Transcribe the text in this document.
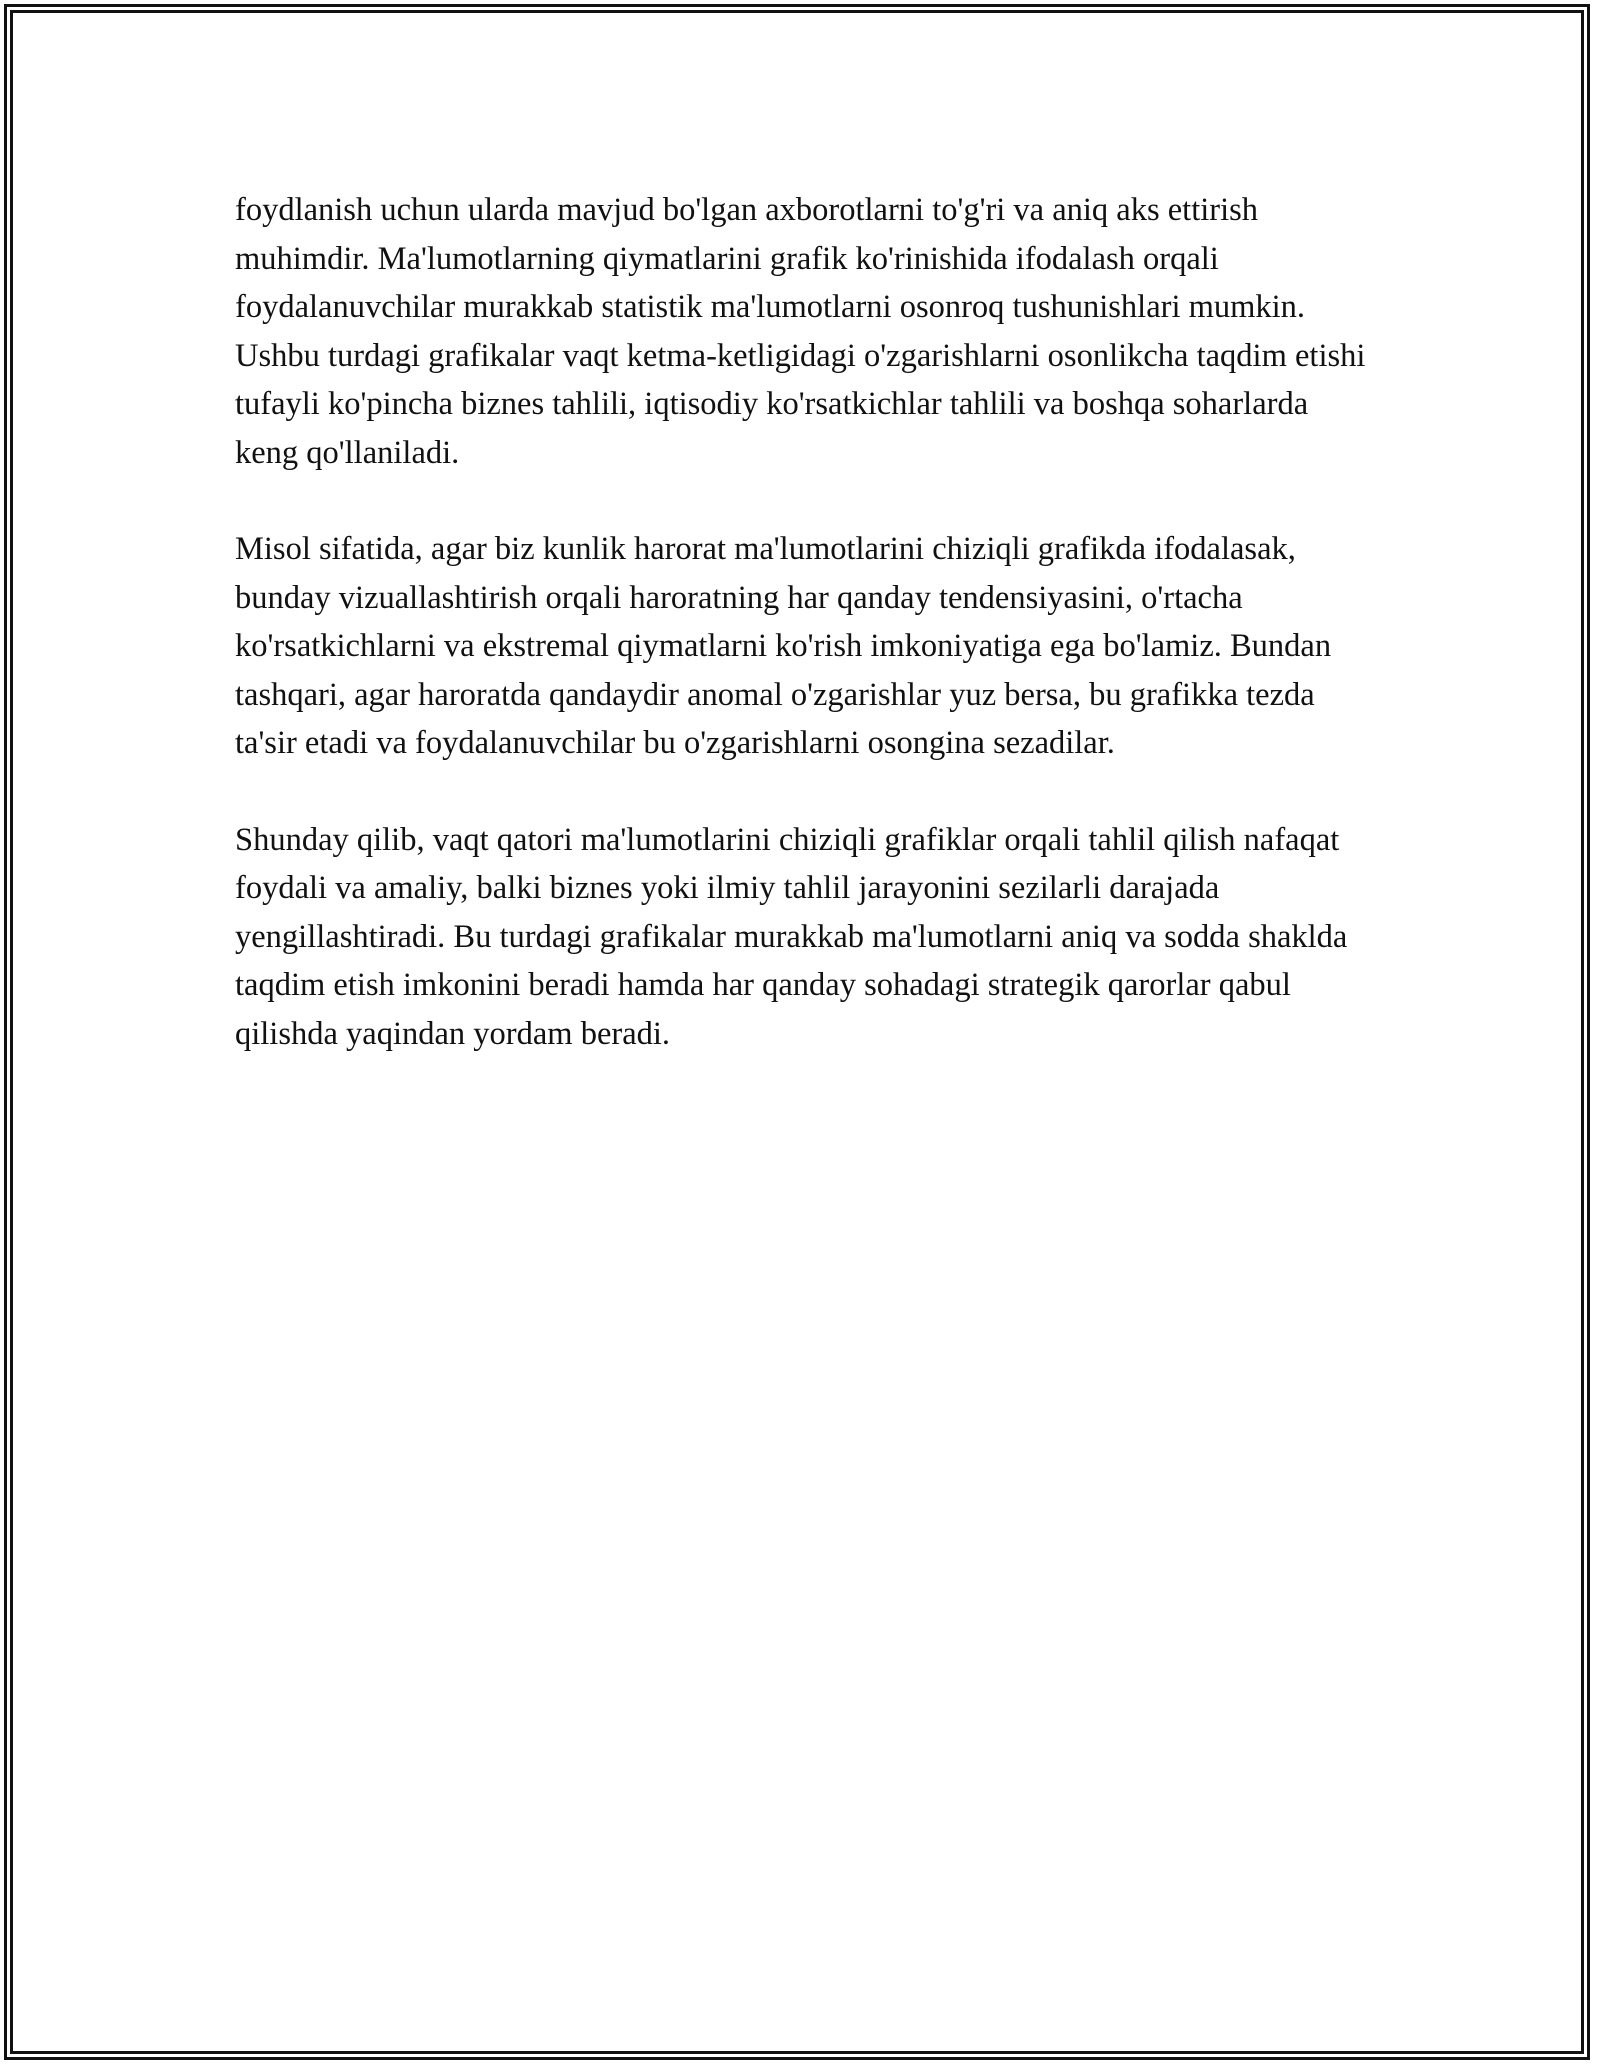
foydlanish uchun ularda mavjud bo'lgan axborotlarni to'g'ri va aniq aks ettirish muhimdir. Ma'lumotlarning qiymatlarini grafik ko'rinishida ifodalash orqali foydalanuvchilar murakkab statistik ma'lumotlarni osonroq tushunishlari mumkin. Ushbu turdagi grafikalar vaqt ketma-ketligidagi o'zgarishlarni osonlikcha taqdim etishi tufayli ko'pincha biznes tahlili, iqtisodiy ko'rsatkichlar tahlili va boshqa soharlarda keng qo'llaniladi.

Misol sifatida, agar biz kunlik harorat ma'lumotlarini chiziqli grafikda ifodalasak, bunday vizuallashtirish orqali haroratning har qanday tendensiyasini, o'rtacha ko'rsatkichlarni va ekstremal qiymatlarni ko'rish imkoniyatiga ega bo'lamiz. Bundan tashqari, agar haroratda qandaydir anomal o'zgarishlar yuz bersa, bu grafikka tezda ta'sir etadi va foydalanuvchilar bu o'zgarishlarni osongina sezadilar.

Shunday qilib, vaqt qatori ma'lumotlarini chiziqli grafiklar orqali tahlil qilish nafaqat foydali va amaliy, balki biznes yoki ilmiy tahlil jarayonini sezilarli darajada yengillashtiradi. Bu turdagi grafikalar murakkab ma'lumotlarni aniq va sodda shaklda taqdim etish imkonini beradi hamda har qanday sohadagi strategik qarorlar qabul qilishda yaqindan yordam beradi.
